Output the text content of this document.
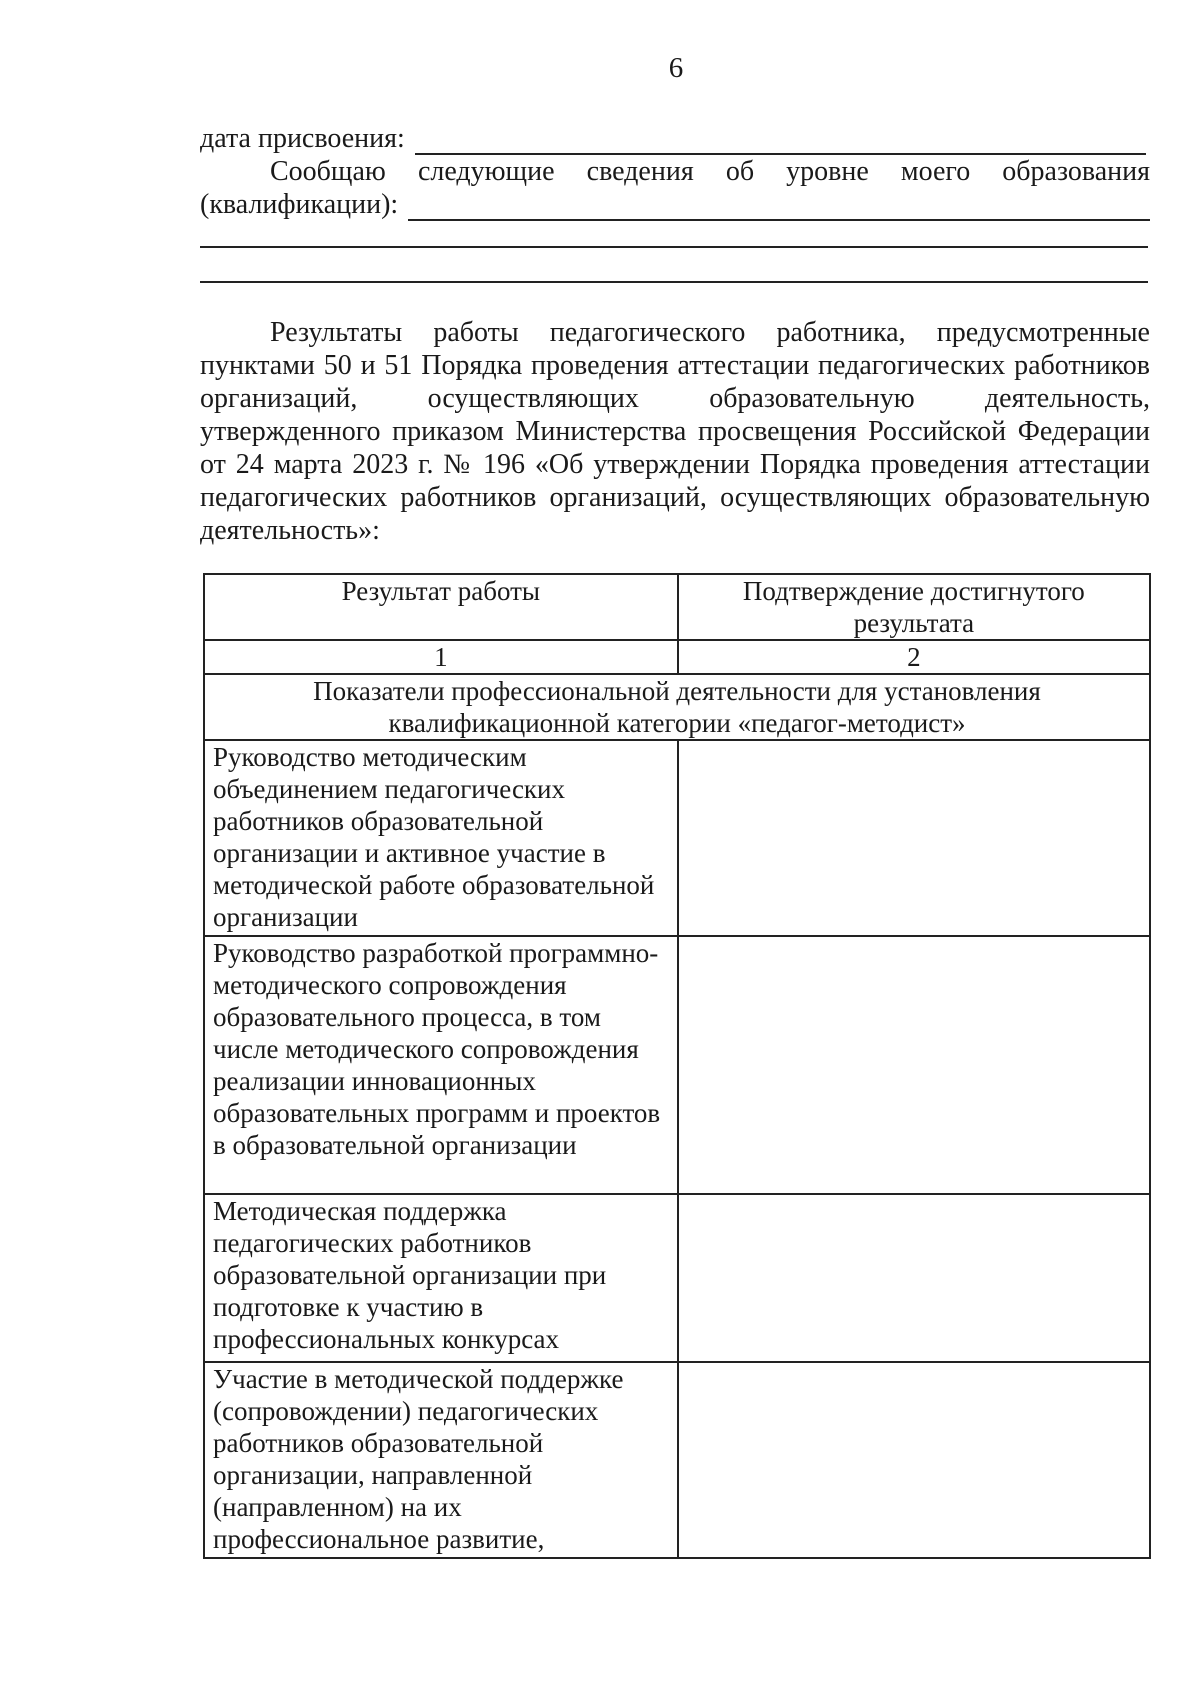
6
дата присвоения:
Сообщаю следующие сведения об уровне моего образования
(квалификации):
Результаты работы педагогического работника, предусмотренные
пунктами 50 и 51 Порядка проведения аттестации педагогических работников
организаций, осуществляющих образовательную деятельность,
утвержденного приказом Министерства просвещения Российской Федерации
от 24 марта 2023 г. № 196 «Об утверждении Порядка проведения аттестации
педагогических работников организаций, осуществляющих образовательную
деятельность»:
Результат работы	Подтверждение достигнутого результата
1	2
Показатели профессиональной деятельности для установления квалификационной категории «педагог-методист»	
Руководство методическим объединением педагогических работников образовательной организации и активное участие в методической работе образовательной организации	
Руководство разработкой программно-методического сопровождения образовательного процесса, в том числе методического сопровождения реализации инновационных образовательных программ и проектов в образовательной организации	
Методическая поддержка педагогических работников образовательной организации при подготовке к участию в профессиональных конкурсах	
Участие в методической поддержке (сопровождении) педагогических работников образовательной организации, направленной (направленном) на их профессиональное развитие,	
